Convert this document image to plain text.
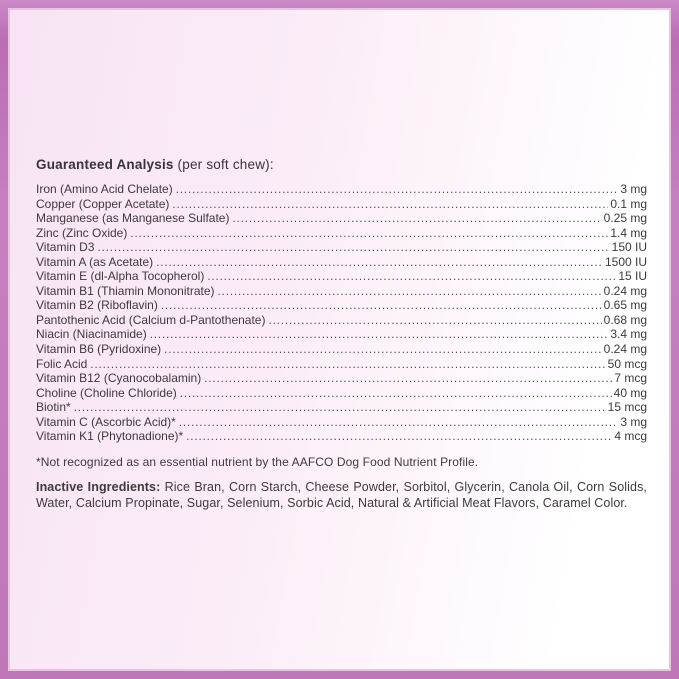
Guaranteed Analysis (per soft chew):
Iron (Amino Acid Chelate) .....	3 mg
Copper (Copper Acetate) .....	0.1 mg
Manganese (as Manganese Sulfate) .....	0.25 mg
Zinc (Zinc Oxide) .....	1.4 mg
Vitamin D3 .....	150 IU
Vitamin A (as Acetate) .....	1500 IU
Vitamin E (dl-Alpha Tocopherol) .....	15 IU
Vitamin B1 (Thiamin Mononitrate) .....	0.24 mg
Vitamin B2 (Riboflavin) .....	0.65 mg
Pantothenic Acid (Calcium d-Pantothenate) .....	0.68 mg
Niacin (Niacinamide) .....	3.4 mg
Vitamin B6 (Pyridoxine) .....	0.24 mg
Folic Acid .....	50 mcg
Vitamin B12 (Cyanocobalamin) .....	7 mcg
Choline (Choline Chloride) .....	40 mg
Biotin* .....	15 mcg
Vitamin C (Ascorbic Acid)* .....	3 mg
Vitamin K1 (Phytonadione)* .....	4 mcg

*Not recognized as an essential nutrient by the AAFCO Dog Food Nutrient Profile.

Inactive Ingredients: Rice Bran, Corn Starch, Cheese Powder, Sorbitol, Glycerin, Canola Oil, Corn Solids, Water, Calcium Propinate, Sugar, Selenium, Sorbic Acid, Natural & Artificial Meat Flavors, Caramel Color.
